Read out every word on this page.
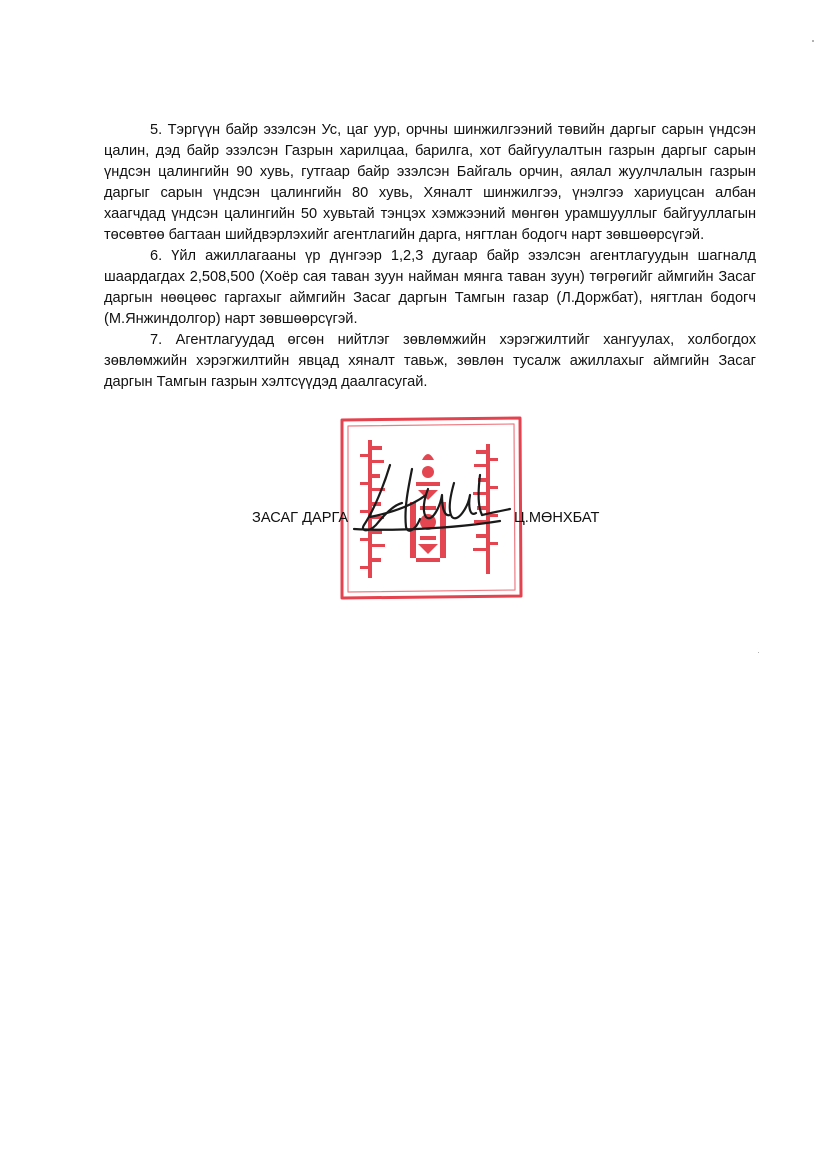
5. Тэргүүн байр эзэлсэн Ус, цаг уур, орчны шинжилгээний төвийн даргыг сарын үндсэн цалин, дэд байр эзэлсэн Газрын харилцаа, барилга, хот байгуулалтын газрын даргыг сарын үндсэн цалингийн 90 хувь, гутгаар байр эзэлсэн Байгаль орчин, аялал жуулчлалын газрын даргыг сарын үндсэн цалингийн 80 хувь, Хяналт шинжилгээ, үнэлгээ хариуцсан албан хаагчдад үндсэн цалингийн 50 хувьтай тэнцэх хэмжээний мөнгөн урамшууллыг байгууллагын төсөвтөө багтаан шийдвэрлэхийг агентлагийн дарга, нягтлан бодогч нарт зөвшөөрсүгэй.

6. Үйл ажиллагааны үр дүнгээр 1,2,3 дугаар байр эзэлсэн агентлагуудын шагналд шаардагдах 2,508,500 (Хоёр сая таван зуун найман мянга таван зуун) төгрөгийг аймгийн Засаг даргын нөөцөөс гаргахыг аймгийн Засаг даргын Тамгын газар (Л.Доржбат), нягтлан бодогч (М.Янжиндолгор) нарт зөвшөөрсүгэй.

7. Агентлагуудад өгсөн нийтлэг зөвлөмжийн хэрэгжилтийг хангуулах, холбогдох зөвлөмжийн хэрэгжилтийн явцад хяналт тавьж, зөвлөн тусалж ажиллахыг аймгийн Засаг даргын Тамгын газрын хэлтсүүдэд даалгасугай.

ЗАСАГ ДАРГА	Ц.МӨНХБАТ
